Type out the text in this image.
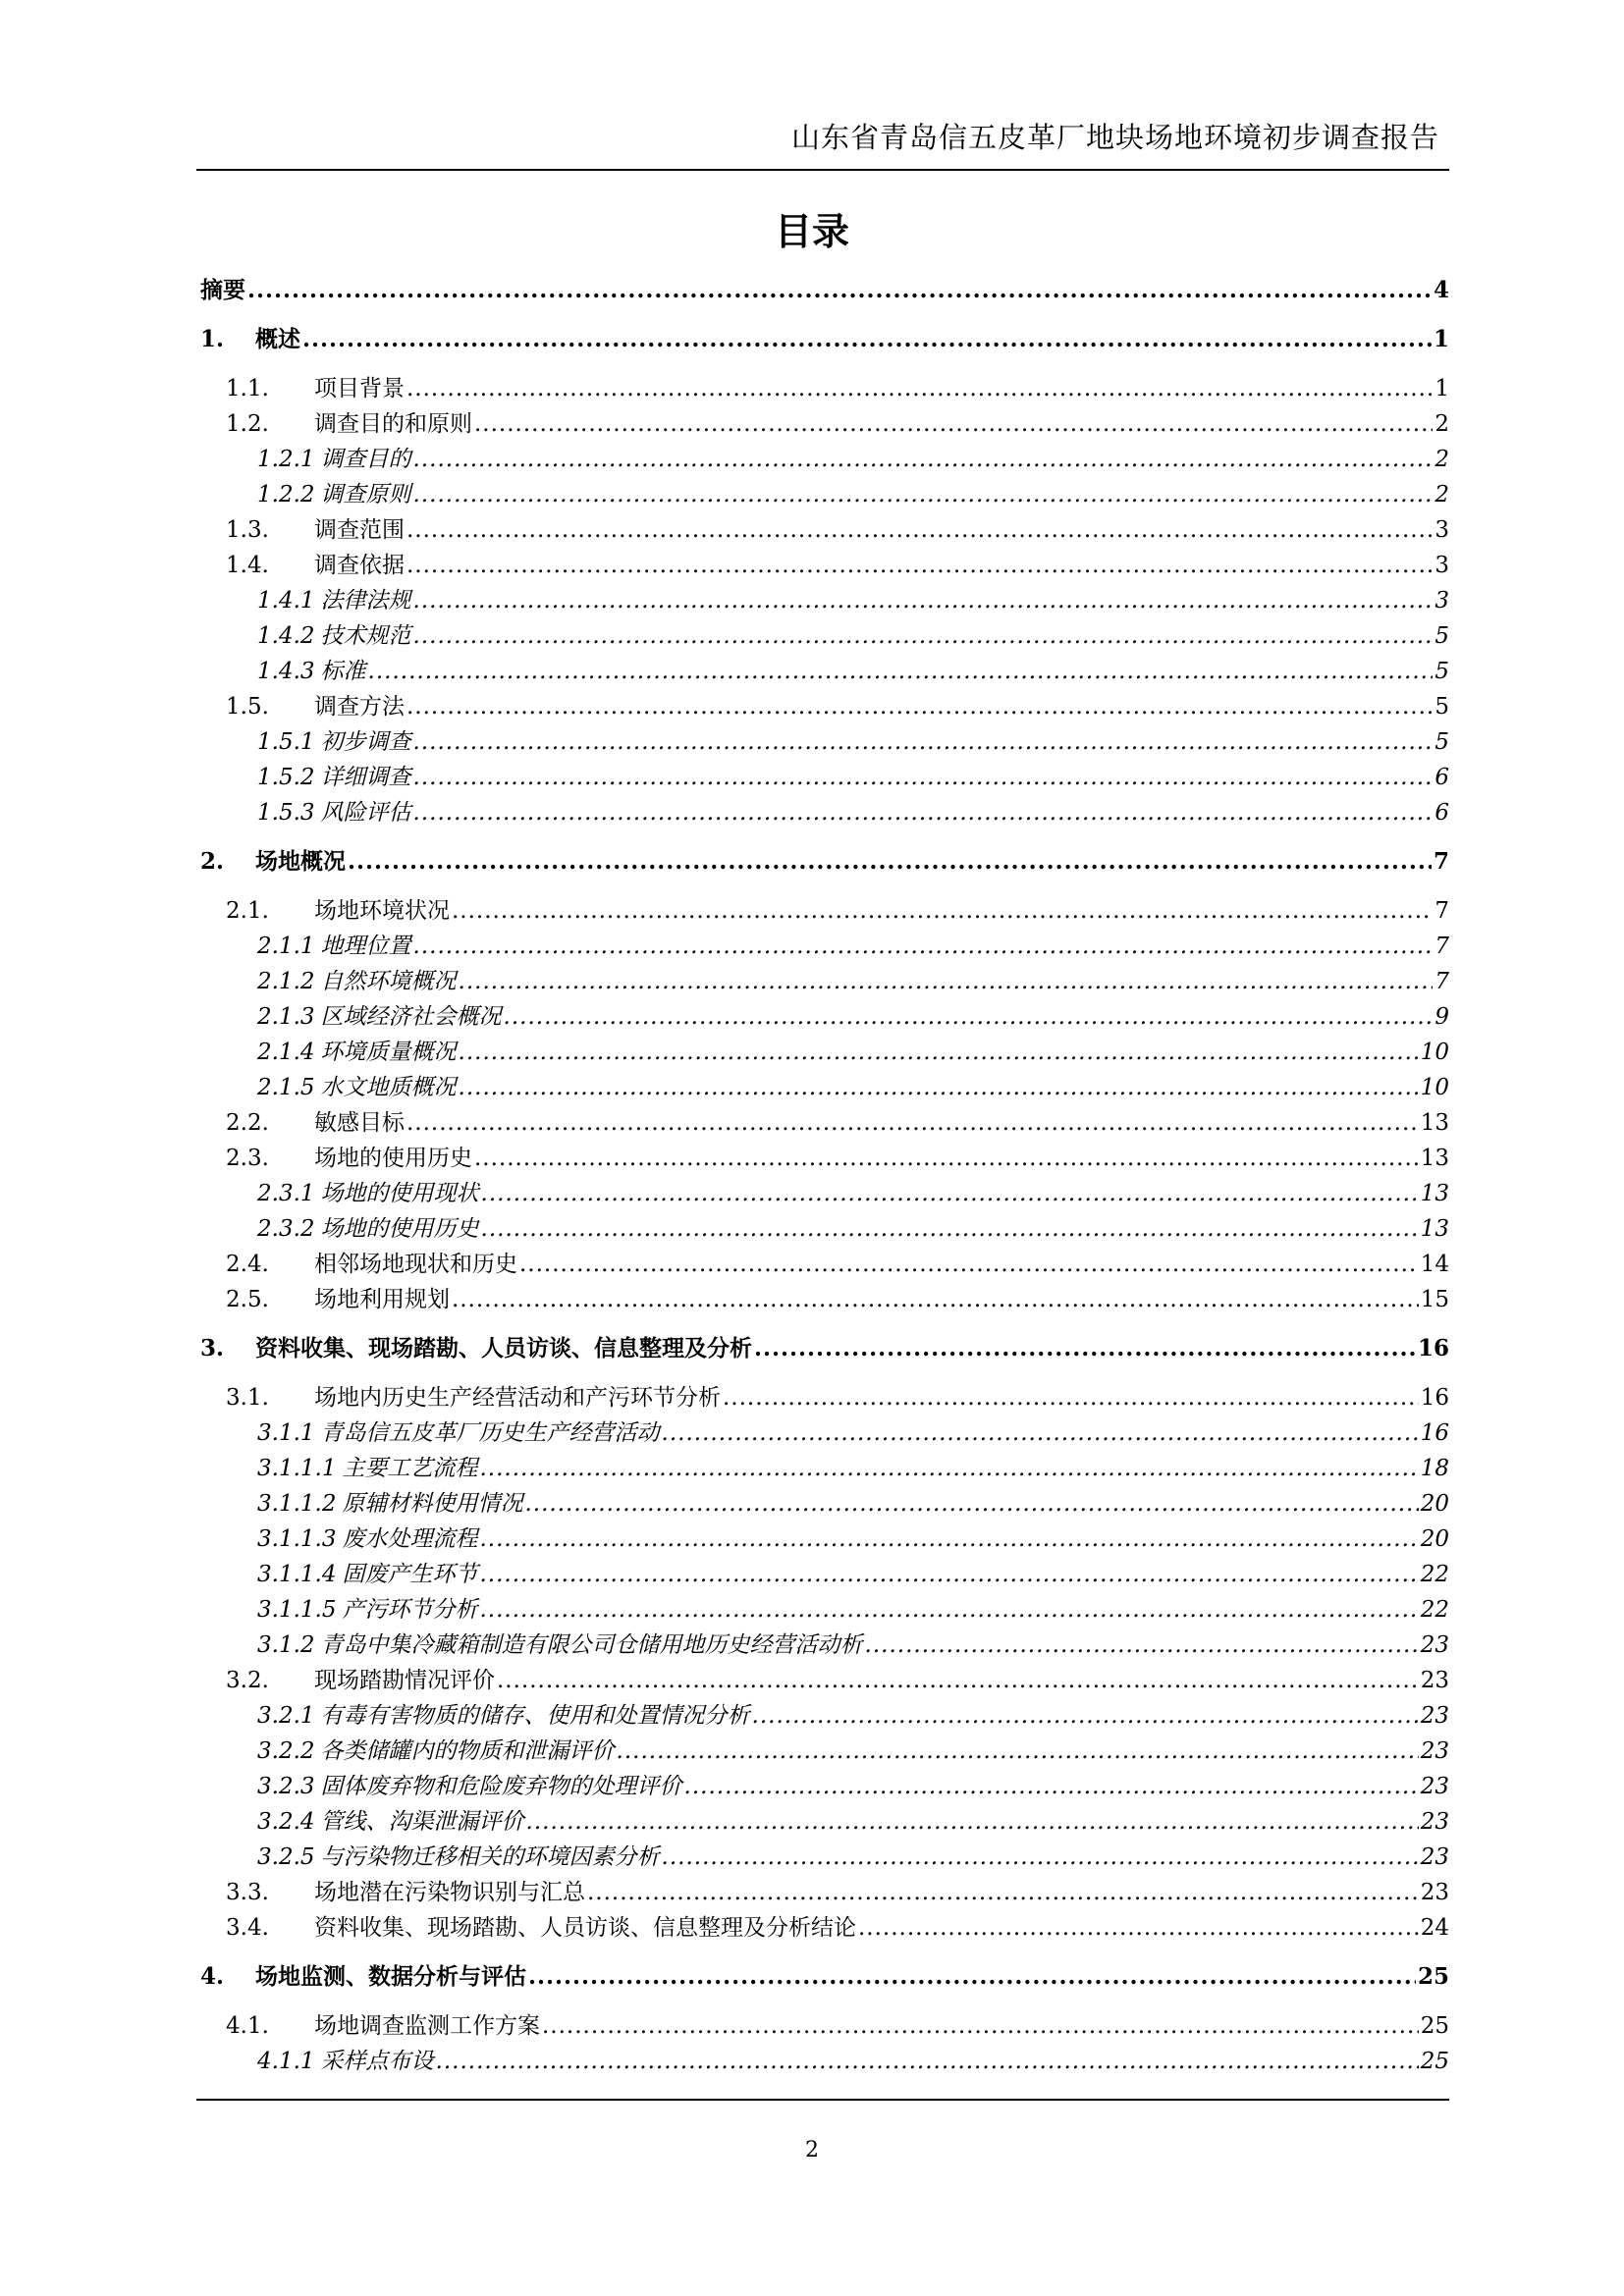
山东省青岛信五皮革厂地块场地环境初步调查报告
目录
摘要 .....	4
1.	概述 .....	1
1.1.	项目背景 .....	1
1.2.	调查目的和原则 .....	2
1.2.1 调查目的 .....	2
1.2.2 调查原则 .....	2
1.3.	调查范围 .....	3
1.4.	调查依据 .....	3
1.4.1 法律法规 .....	3
1.4.2 技术规范 .....	5
1.4.3 标准 .....	5
1.5.	调查方法 .....	5
1.5.1 初步调查 .....	5
1.5.2 详细调查 .....	6
1.5.3 风险评估 .....	6
2.	场地概况 .....	7
2.1.	场地环境状况 .....	7
2.1.1 地理位置 .....	7
2.1.2 自然环境概况 .....	7
2.1.3 区域经济社会概况 .....	9
2.1.4 环境质量概况 .....	10
2.1.5 水文地质概况 .....	10
2.2.	敏感目标 .....	13
2.3.	场地的使用历史 .....	13
2.3.1 场地的使用现状 .....	13
2.3.2 场地的使用历史 .....	13
2.4.	相邻场地现状和历史 .....	14
2.5.	场地利用规划 .....	15
3.	资料收集、现场踏勘、人员访谈、信息整理及分析 .....	16
3.1.	场地内历史生产经营活动和产污环节分析 .....	16
3.1.1 青岛信五皮革厂历史生产经营活动 .....	16
3.1.1.1 主要工艺流程 .....	18
3.1.1.2 原辅材料使用情况 .....	20
3.1.1.3 废水处理流程 .....	20
3.1.1.4 固废产生环节 .....	22
3.1.1.5 产污环节分析 .....	22
3.1.2 青岛中集冷藏箱制造有限公司仓储用地历史经营活动析 .....	23
3.2.	现场踏勘情况评价 .....	23
3.2.1 有毒有害物质的储存、使用和处置情况分析 .....	23
3.2.2 各类储罐内的物质和泄漏评价 .....	23
3.2.3 固体废弃物和危险废弃物的处理评价 .....	23
3.2.4 管线、沟渠泄漏评价 .....	23
3.2.5 与污染物迁移相关的环境因素分析 .....	23
3.3.	场地潜在污染物识别与汇总 .....	23
3.4.	资料收集、现场踏勘、人员访谈、信息整理及分析结论 .....	24
4.	场地监测、数据分析与评估 .....	25
4.1.	场地调查监测工作方案 .....	25
4.1.1 采样点布设 .....	25
2
